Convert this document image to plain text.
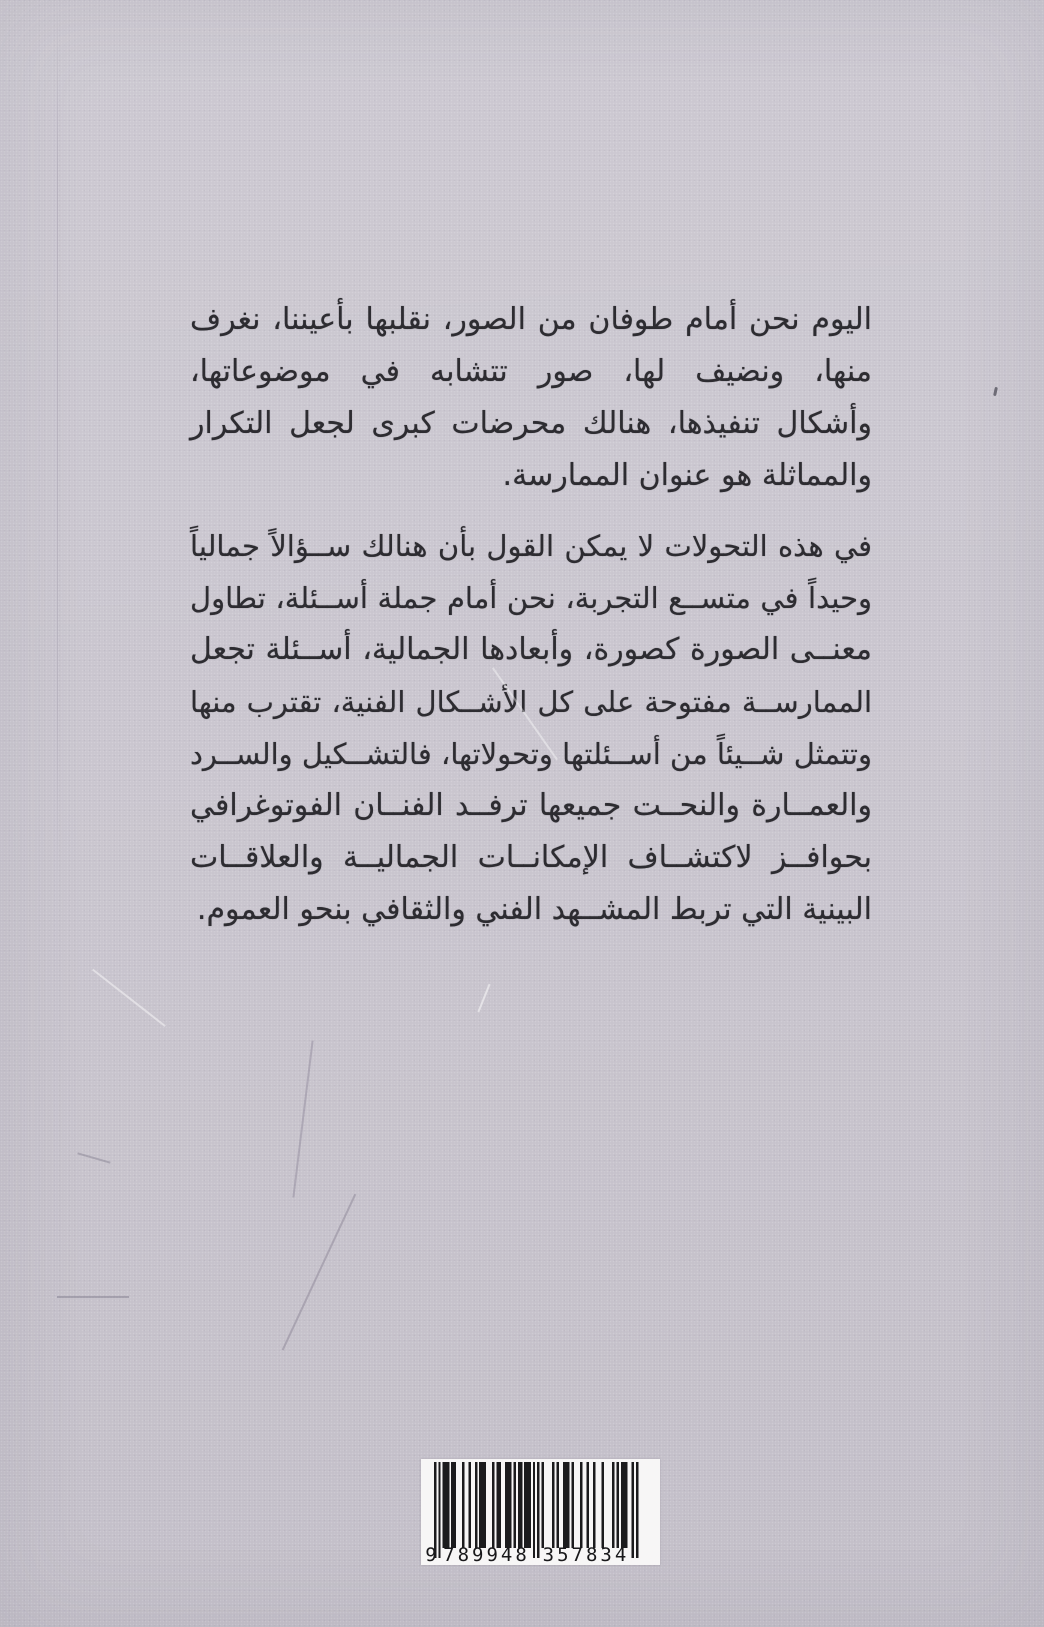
اليوم نحن أمام طوفان من الصور، نقلبها بأعيننا، نغرف
منها، ونضيف لها، صور تتشابه في موضوعاتها،
وأشكال تنفيذها، هنالك محرضات كبرى لجعل التكرار
والمماثلة هو عنوان الممارسة.
في هذه التحولات لا يمكن القول بأن هنالك ســؤالاً جمالياً
وحيداً في متســع التجربة، نحن أمام جملة أســئلة، تطاول
معنــى الصورة كصورة، وأبعادها الجمالية، أســئلة تجعل
الممارســة مفتوحة على كل الأشــكال الفنية، تقترب منها
وتتمثل شــيئاً من أســئلتها وتحولاتها، فالتشــكيل والســرد
والعمــارة والنحــت جميعها ترفــد الفنــان الفوتوغرافي
بحوافــز لاكتشــاف الإمكانــات الجماليــة والعلاقــات
البينية التي تربط المشــهد الفني والثقافي بنحو العموم.
9 789948 357834
